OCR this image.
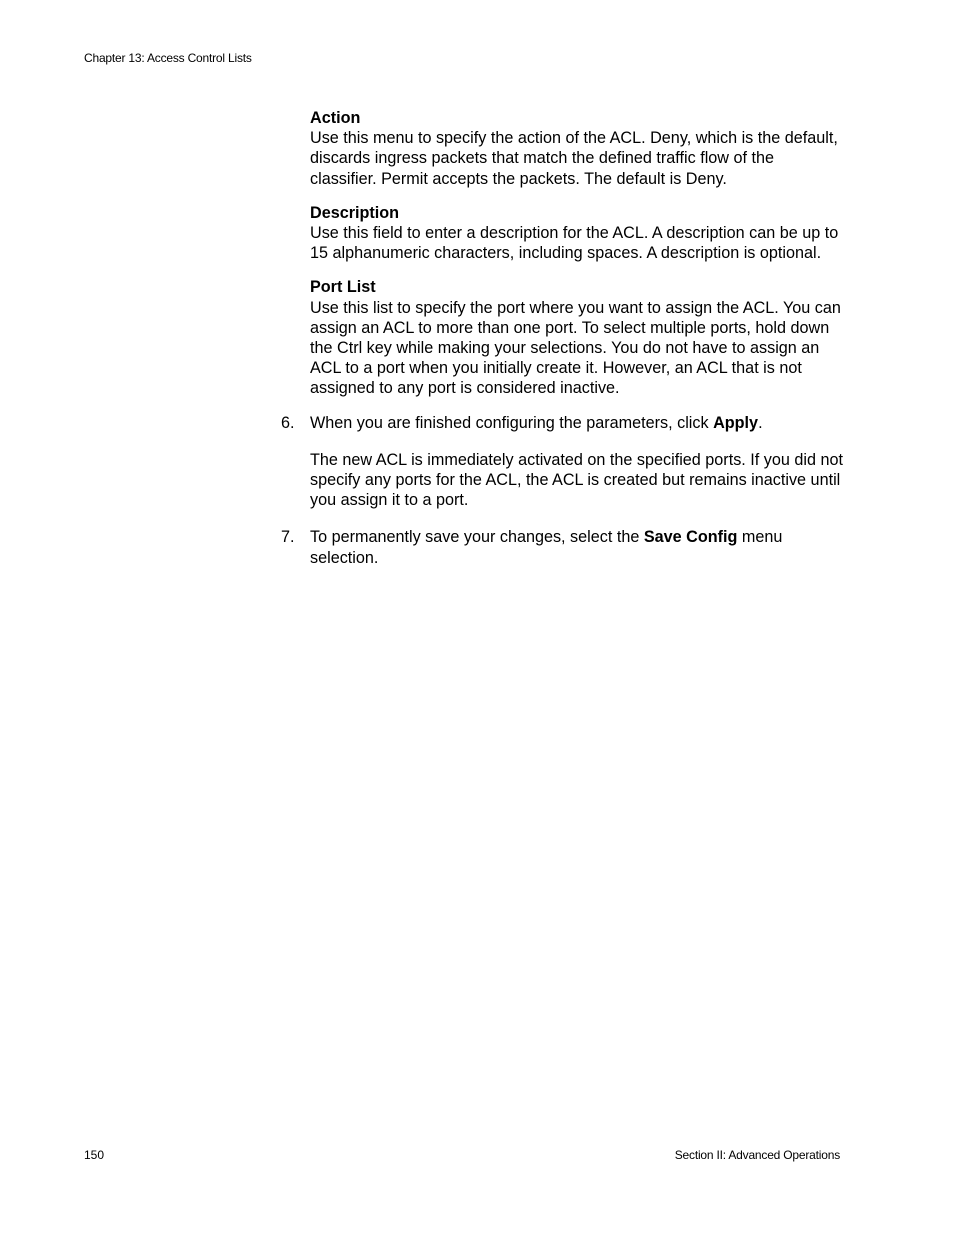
Chapter 13: Access Control Lists
Action

Use this menu to specify the action of the ACL. Deny, which is the default, discards ingress packets that match the defined traffic flow of the classifier. Permit accepts the packets. The default is Deny.

Description

Use this field to enter a description for the ACL. A description can be up to 15 alphanumeric characters, including spaces. A description is optional.

Port List

Use this list to specify the port where you want to assign the ACL. You can assign an ACL to more than one port. To select multiple ports, hold down the Ctrl key while making your selections. You do not have to assign an ACL to a port when you initially create it. However, an ACL that is not assigned to any port is considered inactive.

6. When you are finished configuring the parameters, click Apply.

The new ACL is immediately activated on the specified ports. If you did not specify any ports for the ACL, the ACL is created but remains inactive until you assign it to a port.

7. To permanently save your changes, select the Save Config menu selection.

150	Section II: Advanced Operations
